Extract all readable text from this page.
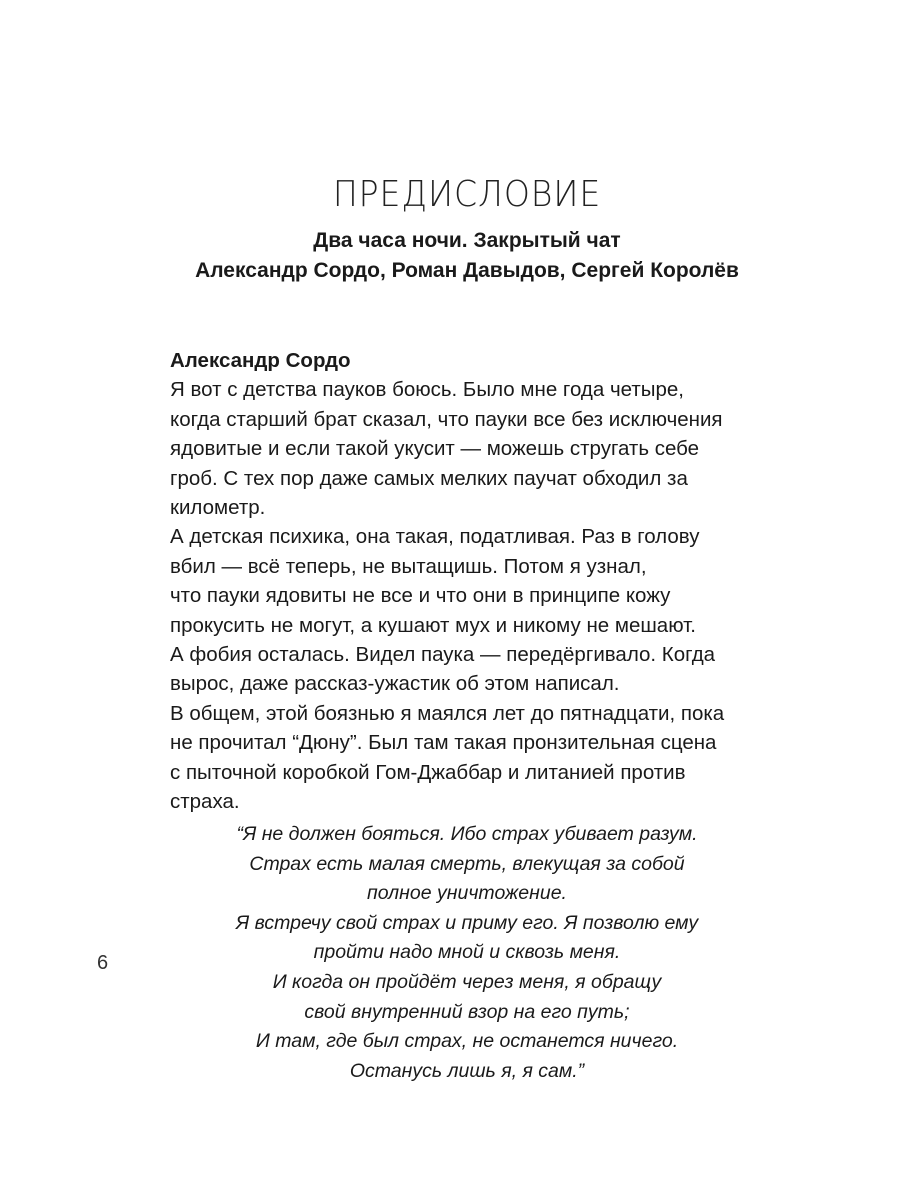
ПРЕДИСЛОВИЕ
Два часа ночи. Закрытый чат
Александр Сордо, Роман Давыдов, Сергей Королёв
Александр Сордо
Я вот с детства пауков боюсь. Было мне года четыре,
когда старший брат сказал, что пауки все без исключения
ядовитые и если такой укусит — можешь стругать себе
гроб. С тех пор даже самых мелких паучат обходил за
километр.
А детская психика, она такая, податливая. Раз в голову
вбил — всё теперь, не вытащишь. Потом я узнал,
что пауки ядовиты не все и что они в принципе кожу
прокусить не могут, а кушают мух и никому не мешают.
А фобия осталась. Видел паука — передёргивало. Когда
вырос, даже рассказ-ужастик об этом написал.
В общем, этой боязнью я маялся лет до пятнадцати, пока
не прочитал “Дюну”. Был там такая пронзительная сцена
с пыточной коробкой Гом-Джаббар и литанией против
страха.
“Я не должен бояться. Ибо страх убивает разум.
Страх есть малая смерть, влекущая за собой
полное уничтожение.
Я встречу свой страх и приму его. Я позволю ему
пройти надо мной и сквозь меня.
И когда он пройдёт через меня, я обращу
свой внутренний взор на его путь;
И там, где был страх, не останется ничего.
Останусь лишь я, я сам.”
6
